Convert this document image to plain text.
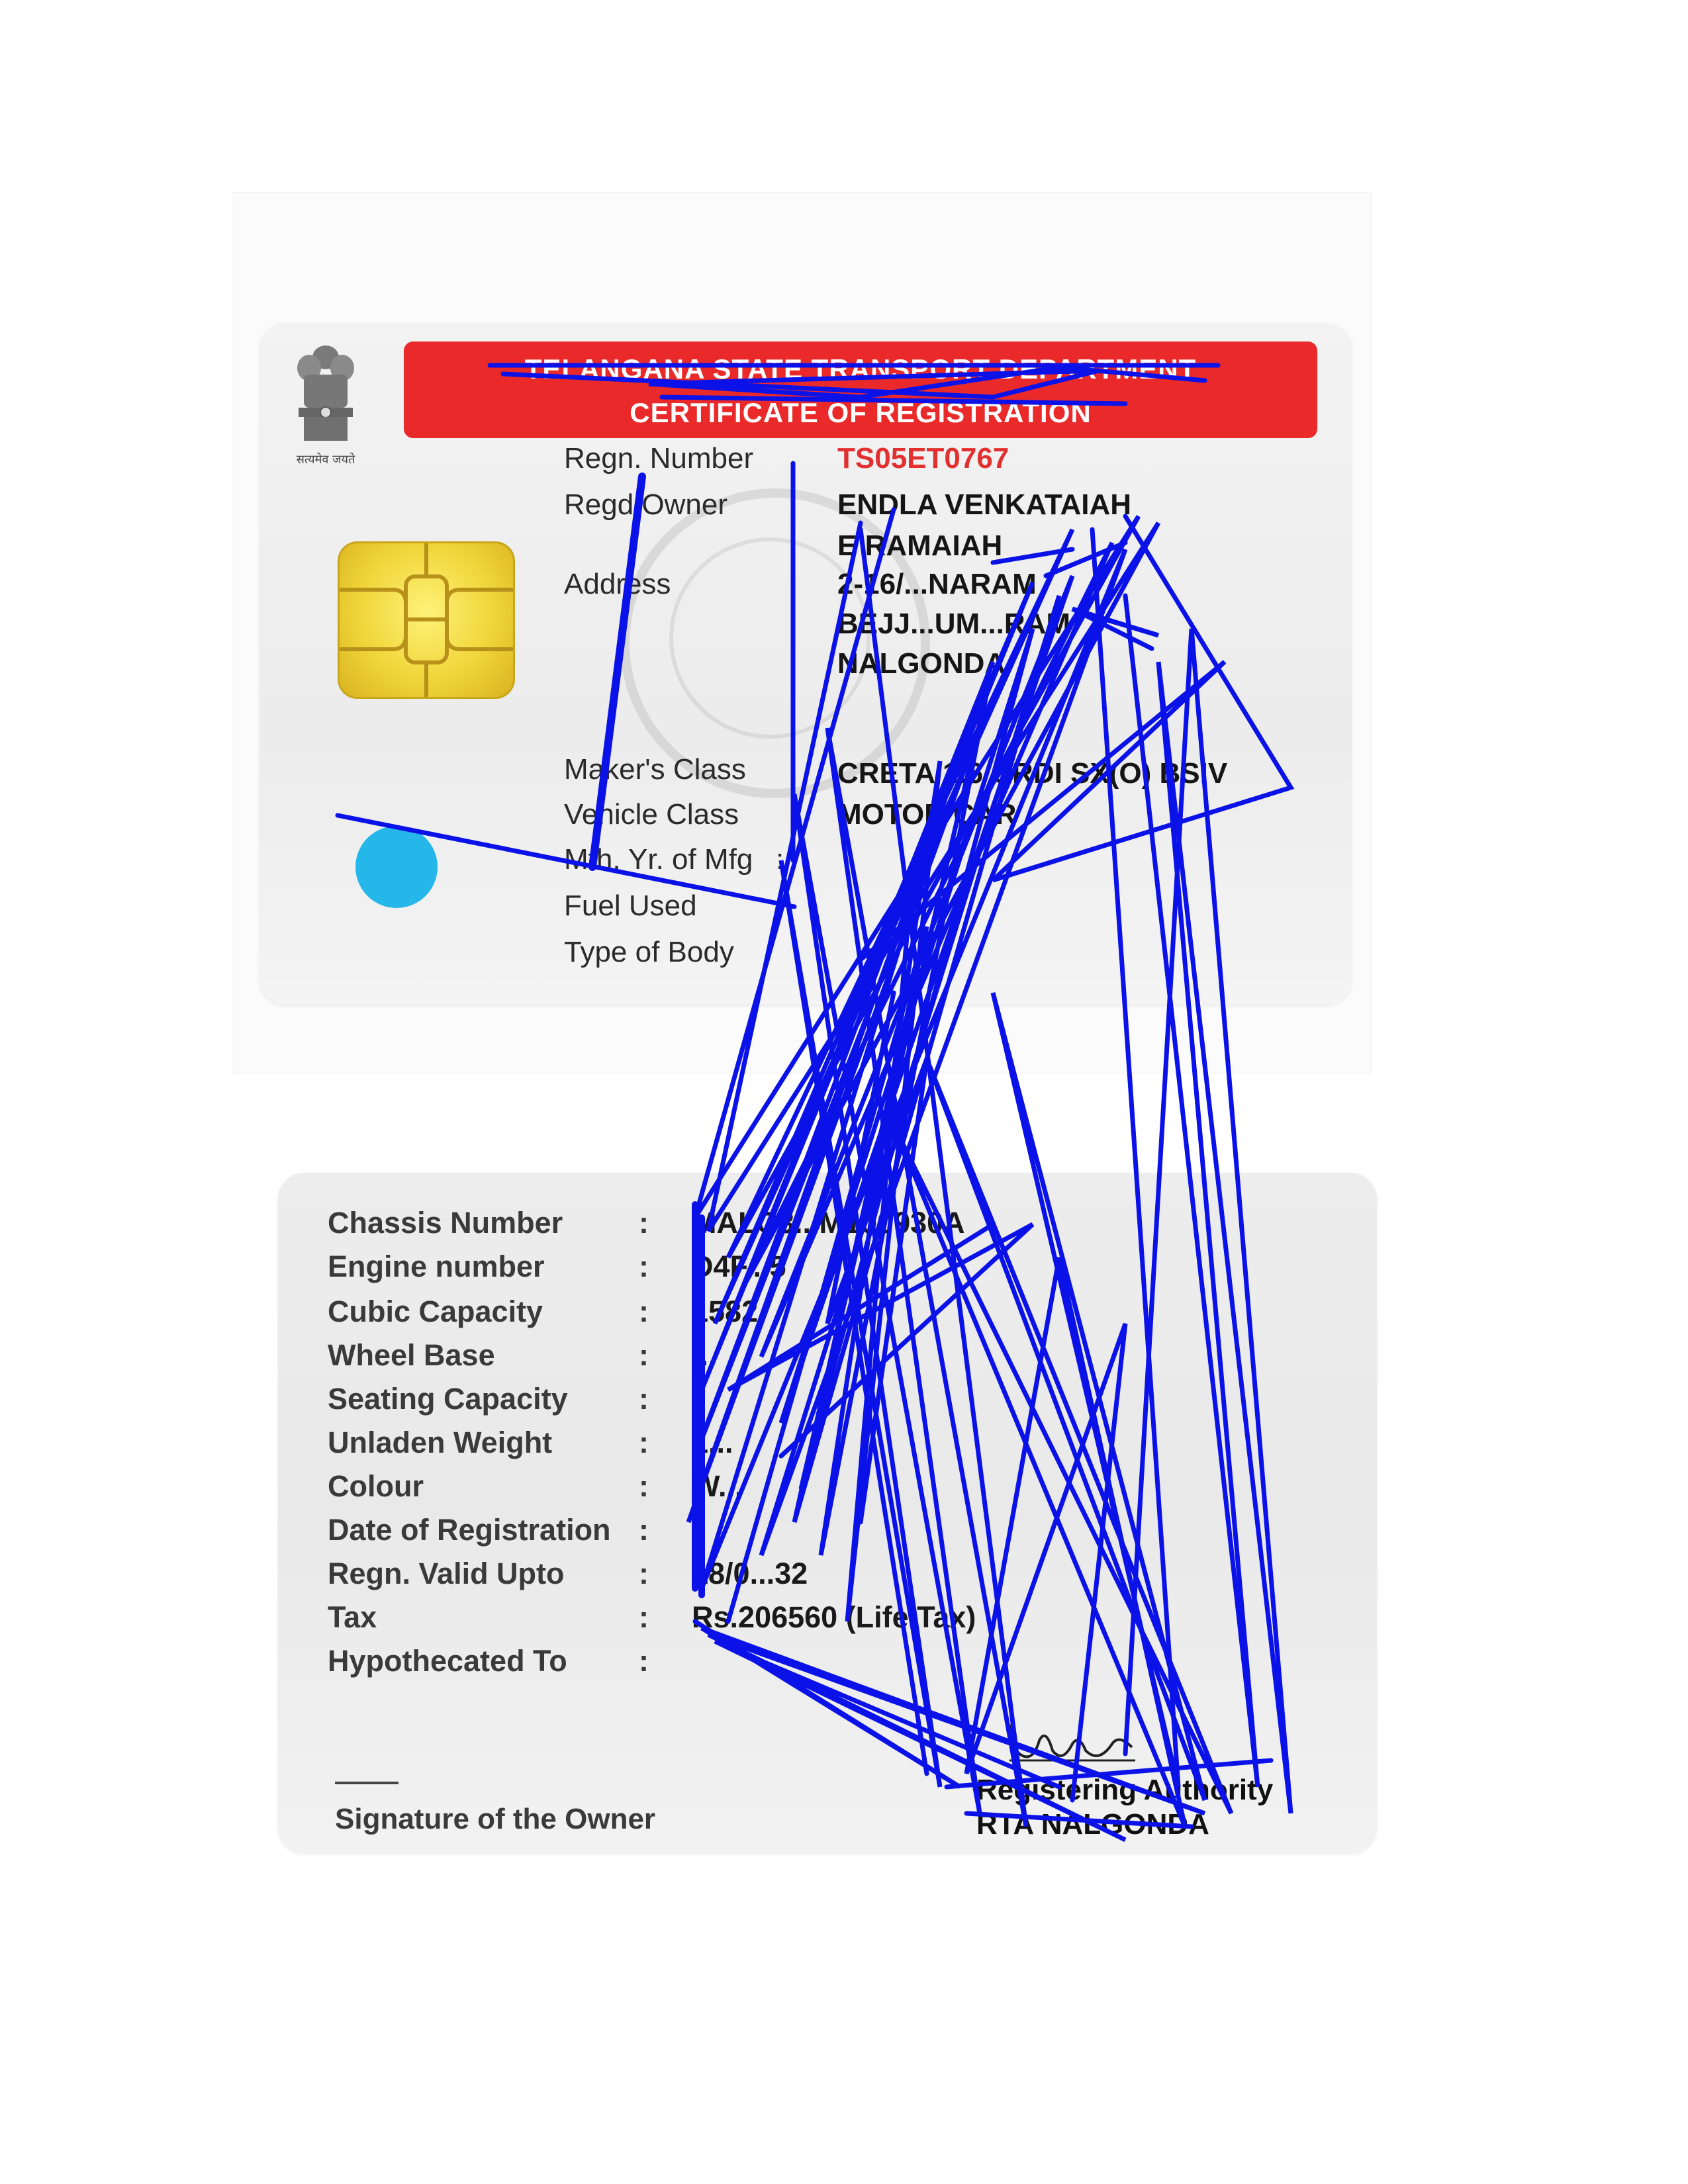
सत्यमेव जयते
TELANGANA STATE TRANSPORT DEPARTMENT
CERTIFICATE OF REGISTRATION
Regn. Number	TS05ET0767
Regd Owner	ENDLA VENKATAIAH
E RAMAIAH
Address	2-16/...NARAM
BEJJ...UM...RAM
NALGONDA
Maker's Class	CRETA 1.6 CRDI SX(O) BSIV
Vehicle Class	MOTOR CAR
Mth. Yr. of Mfg :
Fuel Used	:
Type of Body
Chassis Number	: MALC3...M100930A
Engine number	: D4F...5
Cubic Capacity	: 1582
Wheel Base	: ...
Seating Capacity :
Unladen Weight	: 1...
Colour	: W...
Date of Registration :
Regn. Valid Upto : 18/0...32
Tax	: Rs.206560 (Life Tax)
Hypothecated To :
Signature of the Owner
Registering Authority
RTA NALGONDA
